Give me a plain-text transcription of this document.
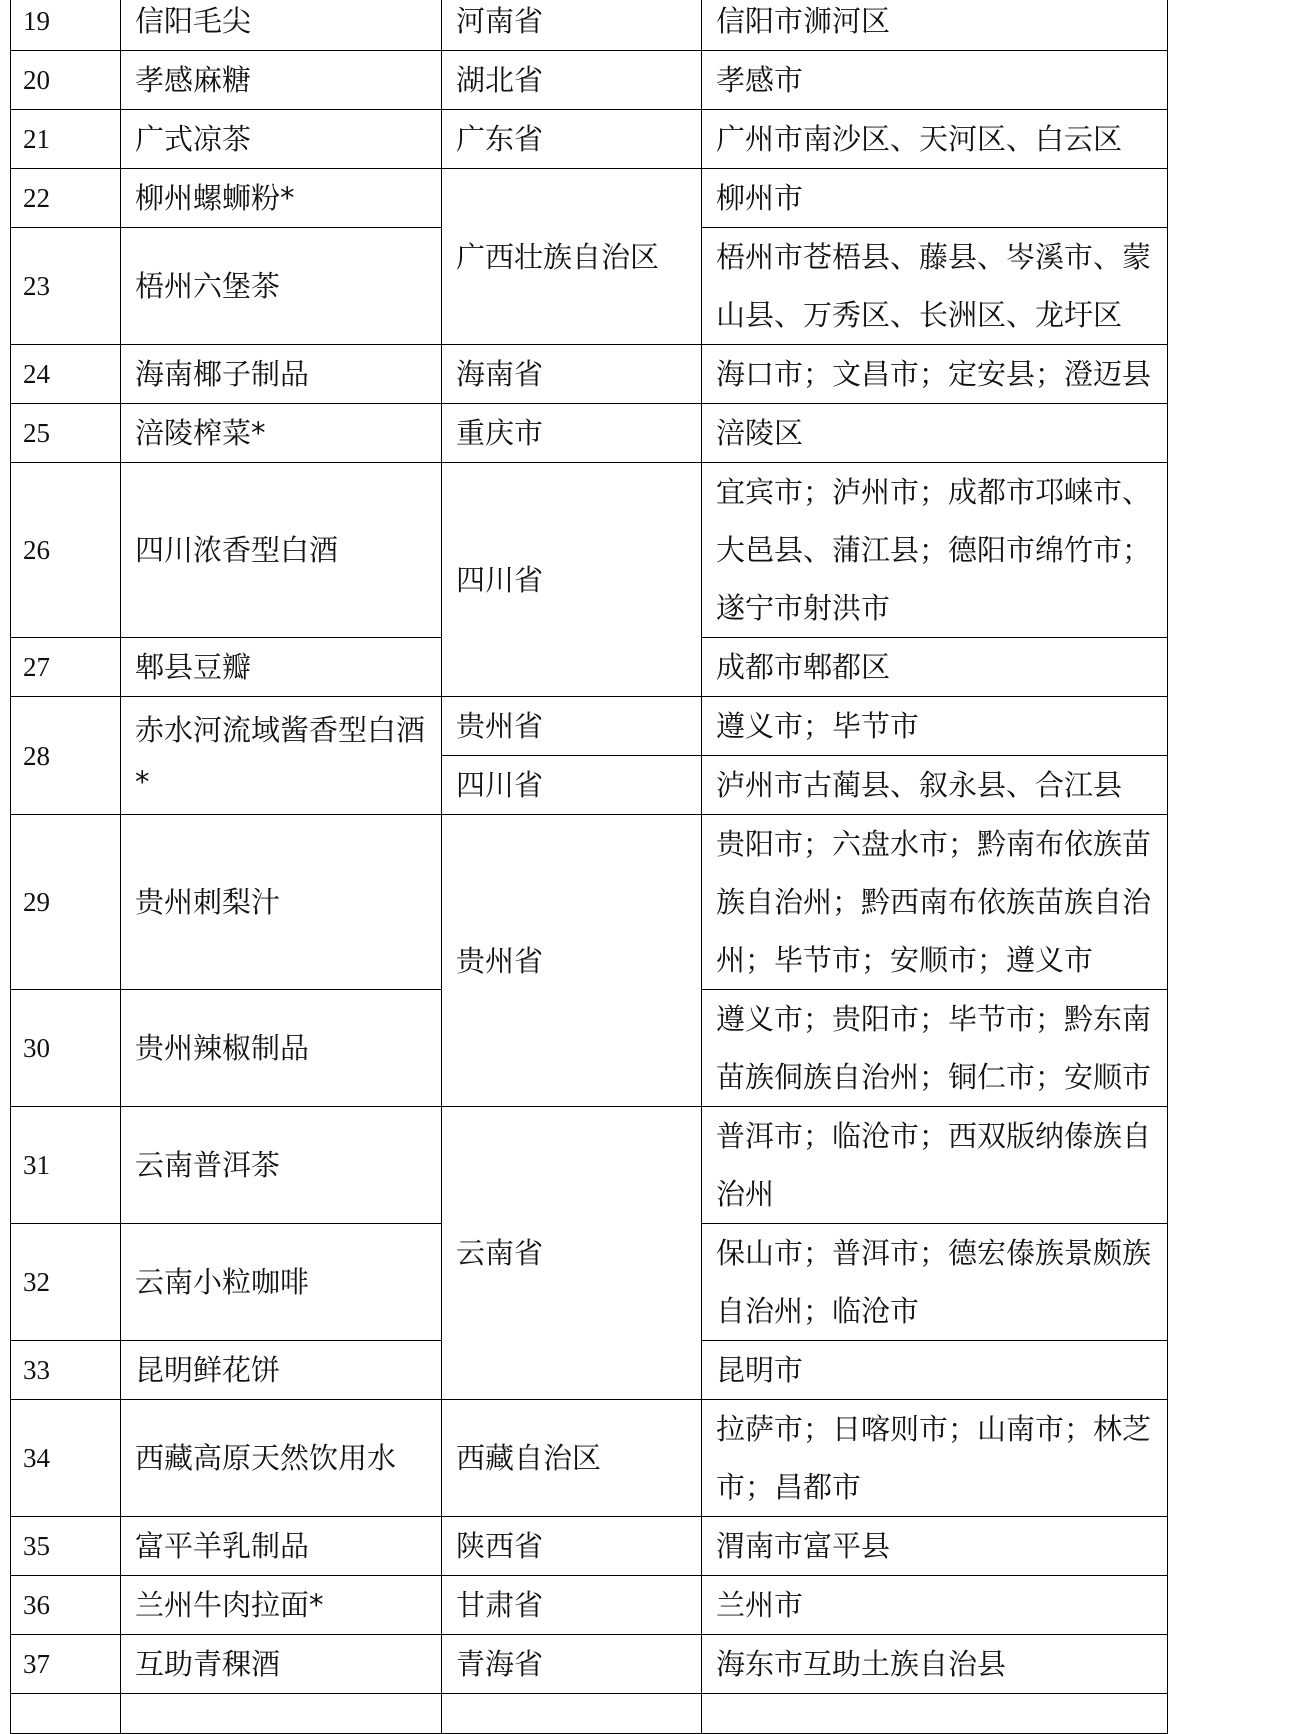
19	信阳毛尖	河南省	信阳市浉河区
20	孝感麻糖	湖北省	孝感市
21	广式凉茶	广东省	广州市南沙区、天河区、白云区
22	柳州螺蛳粉*	广西壮族自治区	柳州市
23	梧州六堡茶		梧州市苍梧县、藤县、岑溪市、蒙山县、万秀区、长洲区、龙圩区
24	海南椰子制品	海南省	海口市；文昌市；定安县；澄迈县
25	涪陵榨菜*	重庆市	涪陵区
26	四川浓香型白酒	四川省	宜宾市；泸州市；成都市邛崃市、大邑县、蒲江县；德阳市绵竹市；遂宁市射洪市
27	郫县豆瓣		成都市郫都区
28	赤水河流域酱香型白酒*	贵州省	遵义市；毕节市
		四川省	泸州市古蔺县、叙永县、合江县
29	贵州刺梨汁	贵州省	贵阳市；六盘水市；黔南布依族苗族自治州；黔西南布依族苗族自治州；毕节市；安顺市；遵义市
30	贵州辣椒制品		遵义市；贵阳市；毕节市；黔东南苗族侗族自治州；铜仁市；安顺市
31	云南普洱茶	云南省	普洱市；临沧市；西双版纳傣族自治州
32	云南小粒咖啡		保山市；普洱市；德宏傣族景颇族自治州；临沧市
33	昆明鲜花饼		昆明市
34	西藏高原天然饮用水	西藏自治区	拉萨市；日喀则市；山南市；林芝市；昌都市
35	富平羊乳制品	陕西省	渭南市富平县
36	兰州牛肉拉面*	甘肃省	兰州市
37	互助青稞酒	青海省	海东市互助土族自治县
